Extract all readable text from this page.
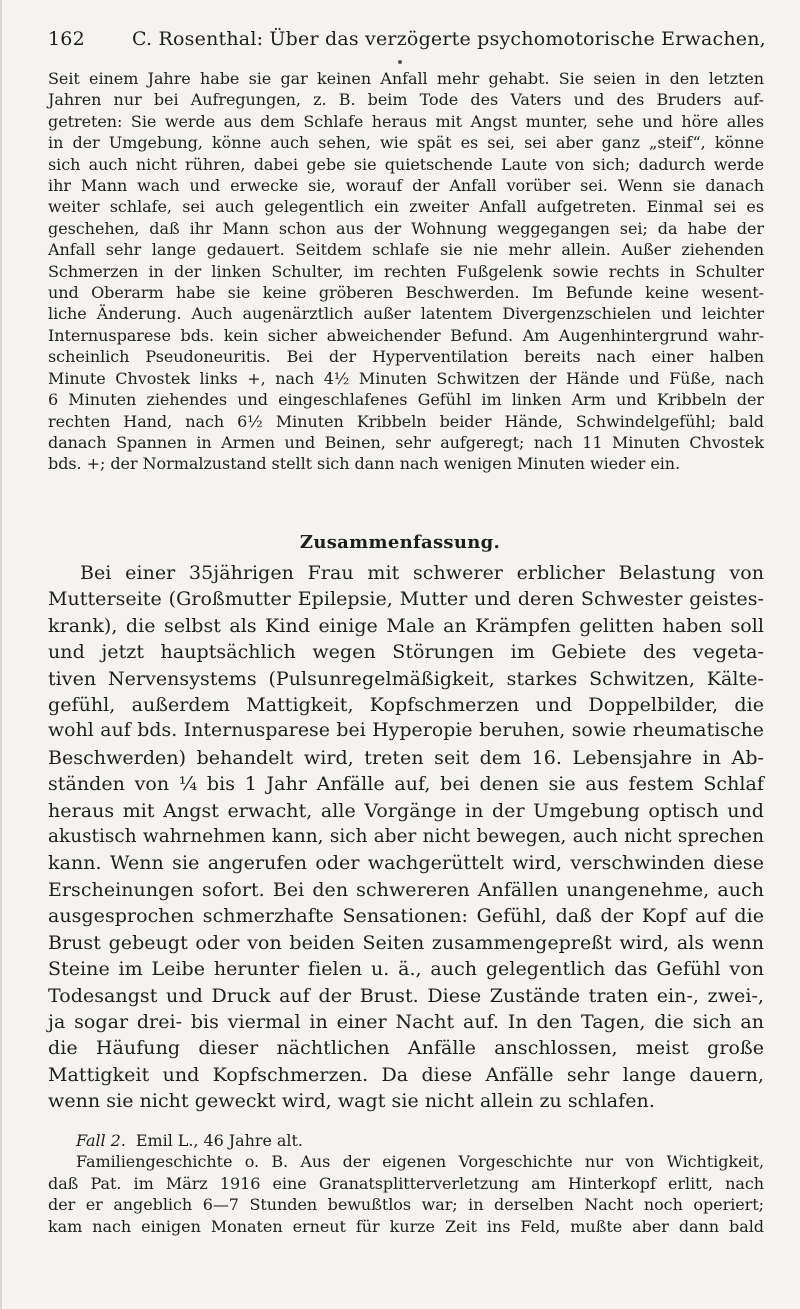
162 C. Rosenthal: Über das verzögerte psychomotorische Erwachen,
Seit einem Jahre habe sie gar keinen Anfall mehr gehabt. Sie seien in den letzten
Jahren nur bei Aufregungen, z. B. beim Tode des Vaters und des Bruders auf-
getreten: Sie werde aus dem Schlafe heraus mit Angst munter, sehe und höre alles
in der Umgebung, könne auch sehen, wie spät es sei, sei aber ganz „steif“, könne
sich auch nicht rühren, dabei gebe sie quietschende Laute von sich; dadurch werde
ihr Mann wach und erwecke sie, worauf der Anfall vorüber sei. Wenn sie danach
weiter schlafe, sei auch gelegentlich ein zweiter Anfall aufgetreten. Einmal sei es
geschehen, daß ihr Mann schon aus der Wohnung weggegangen sei; da habe der
Anfall sehr lange gedauert. Seitdem schlafe sie nie mehr allein. Außer ziehenden
Schmerzen in der linken Schulter, im rechten Fußgelenk sowie rechts in Schulter
und Oberarm habe sie keine gröberen Beschwerden. Im Befunde keine wesent-
liche Änderung. Auch augenärztlich außer latentem Divergenzschielen und leichter
Internusparese bds. kein sicher abweichender Befund. Am Augenhintergrund wahr-
scheinlich Pseudoneuritis. Bei der Hyperventilation bereits nach einer halben
Minute Chvostek links +, nach 4½ Minuten Schwitzen der Hände und Füße, nach
6 Minuten ziehendes und eingeschlafenes Gefühl im linken Arm und Kribbeln der
rechten Hand, nach 6½ Minuten Kribbeln beider Hände, Schwindelgefühl; bald
danach Spannen in Armen und Beinen, sehr aufgeregt; nach 11 Minuten Chvostek
bds. +; der Normalzustand stellt sich dann nach wenigen Minuten wieder ein.
Zusammenfassung.
Bei einer 35jährigen Frau mit schwerer erblicher Belastung von
Mutterseite (Großmutter Epilepsie, Mutter und deren Schwester geistes-
krank), die selbst als Kind einige Male an Krämpfen gelitten haben soll
und jetzt hauptsächlich wegen Störungen im Gebiete des vegeta-
tiven Nervensystems (Pulsunregelmäßigkeit, starkes Schwitzen, Kälte-
gefühl, außerdem Mattigkeit, Kopfschmerzen und Doppelbilder, die
wohl auf bds. Internusparese bei Hyperopie beruhen, sowie rheumatische
Beschwerden) behandelt wird, treten seit dem 16. Lebensjahre in Ab-
ständen von ¼ bis 1 Jahr Anfälle auf, bei denen sie aus festem Schlaf
heraus mit Angst erwacht, alle Vorgänge in der Umgebung optisch und
akustisch wahrnehmen kann, sich aber nicht bewegen, auch nicht sprechen
kann. Wenn sie angerufen oder wachgerüttelt wird, verschwinden diese
Erscheinungen sofort. Bei den schwereren Anfällen unangenehme, auch
ausgesprochen schmerzhafte Sensationen: Gefühl, daß der Kopf auf die
Brust gebeugt oder von beiden Seiten zusammengepreßt wird, als wenn
Steine im Leibe herunter fielen u. ä., auch gelegentlich das Gefühl von
Todesangst und Druck auf der Brust. Diese Zustände traten ein-, zwei-,
ja sogar drei- bis viermal in einer Nacht auf. In den Tagen, die sich an
die Häufung dieser nächtlichen Anfälle anschlossen, meist große
Mattigkeit und Kopfschmerzen. Da diese Anfälle sehr lange dauern,
wenn sie nicht geweckt wird, wagt sie nicht allein zu schlafen.
Fall 2. Emil L., 46 Jahre alt.
Familiengeschichte o. B. Aus der eigenen Vorgeschichte nur von Wichtigkeit,
daß Pat. im März 1916 eine Granatsplitterverletzung am Hinterkopf erlitt, nach
der er angeblich 6—7 Stunden bewußtlos war; in derselben Nacht noch operiert;
kam nach einigen Monaten erneut für kurze Zeit ins Feld, mußte aber dann bald
